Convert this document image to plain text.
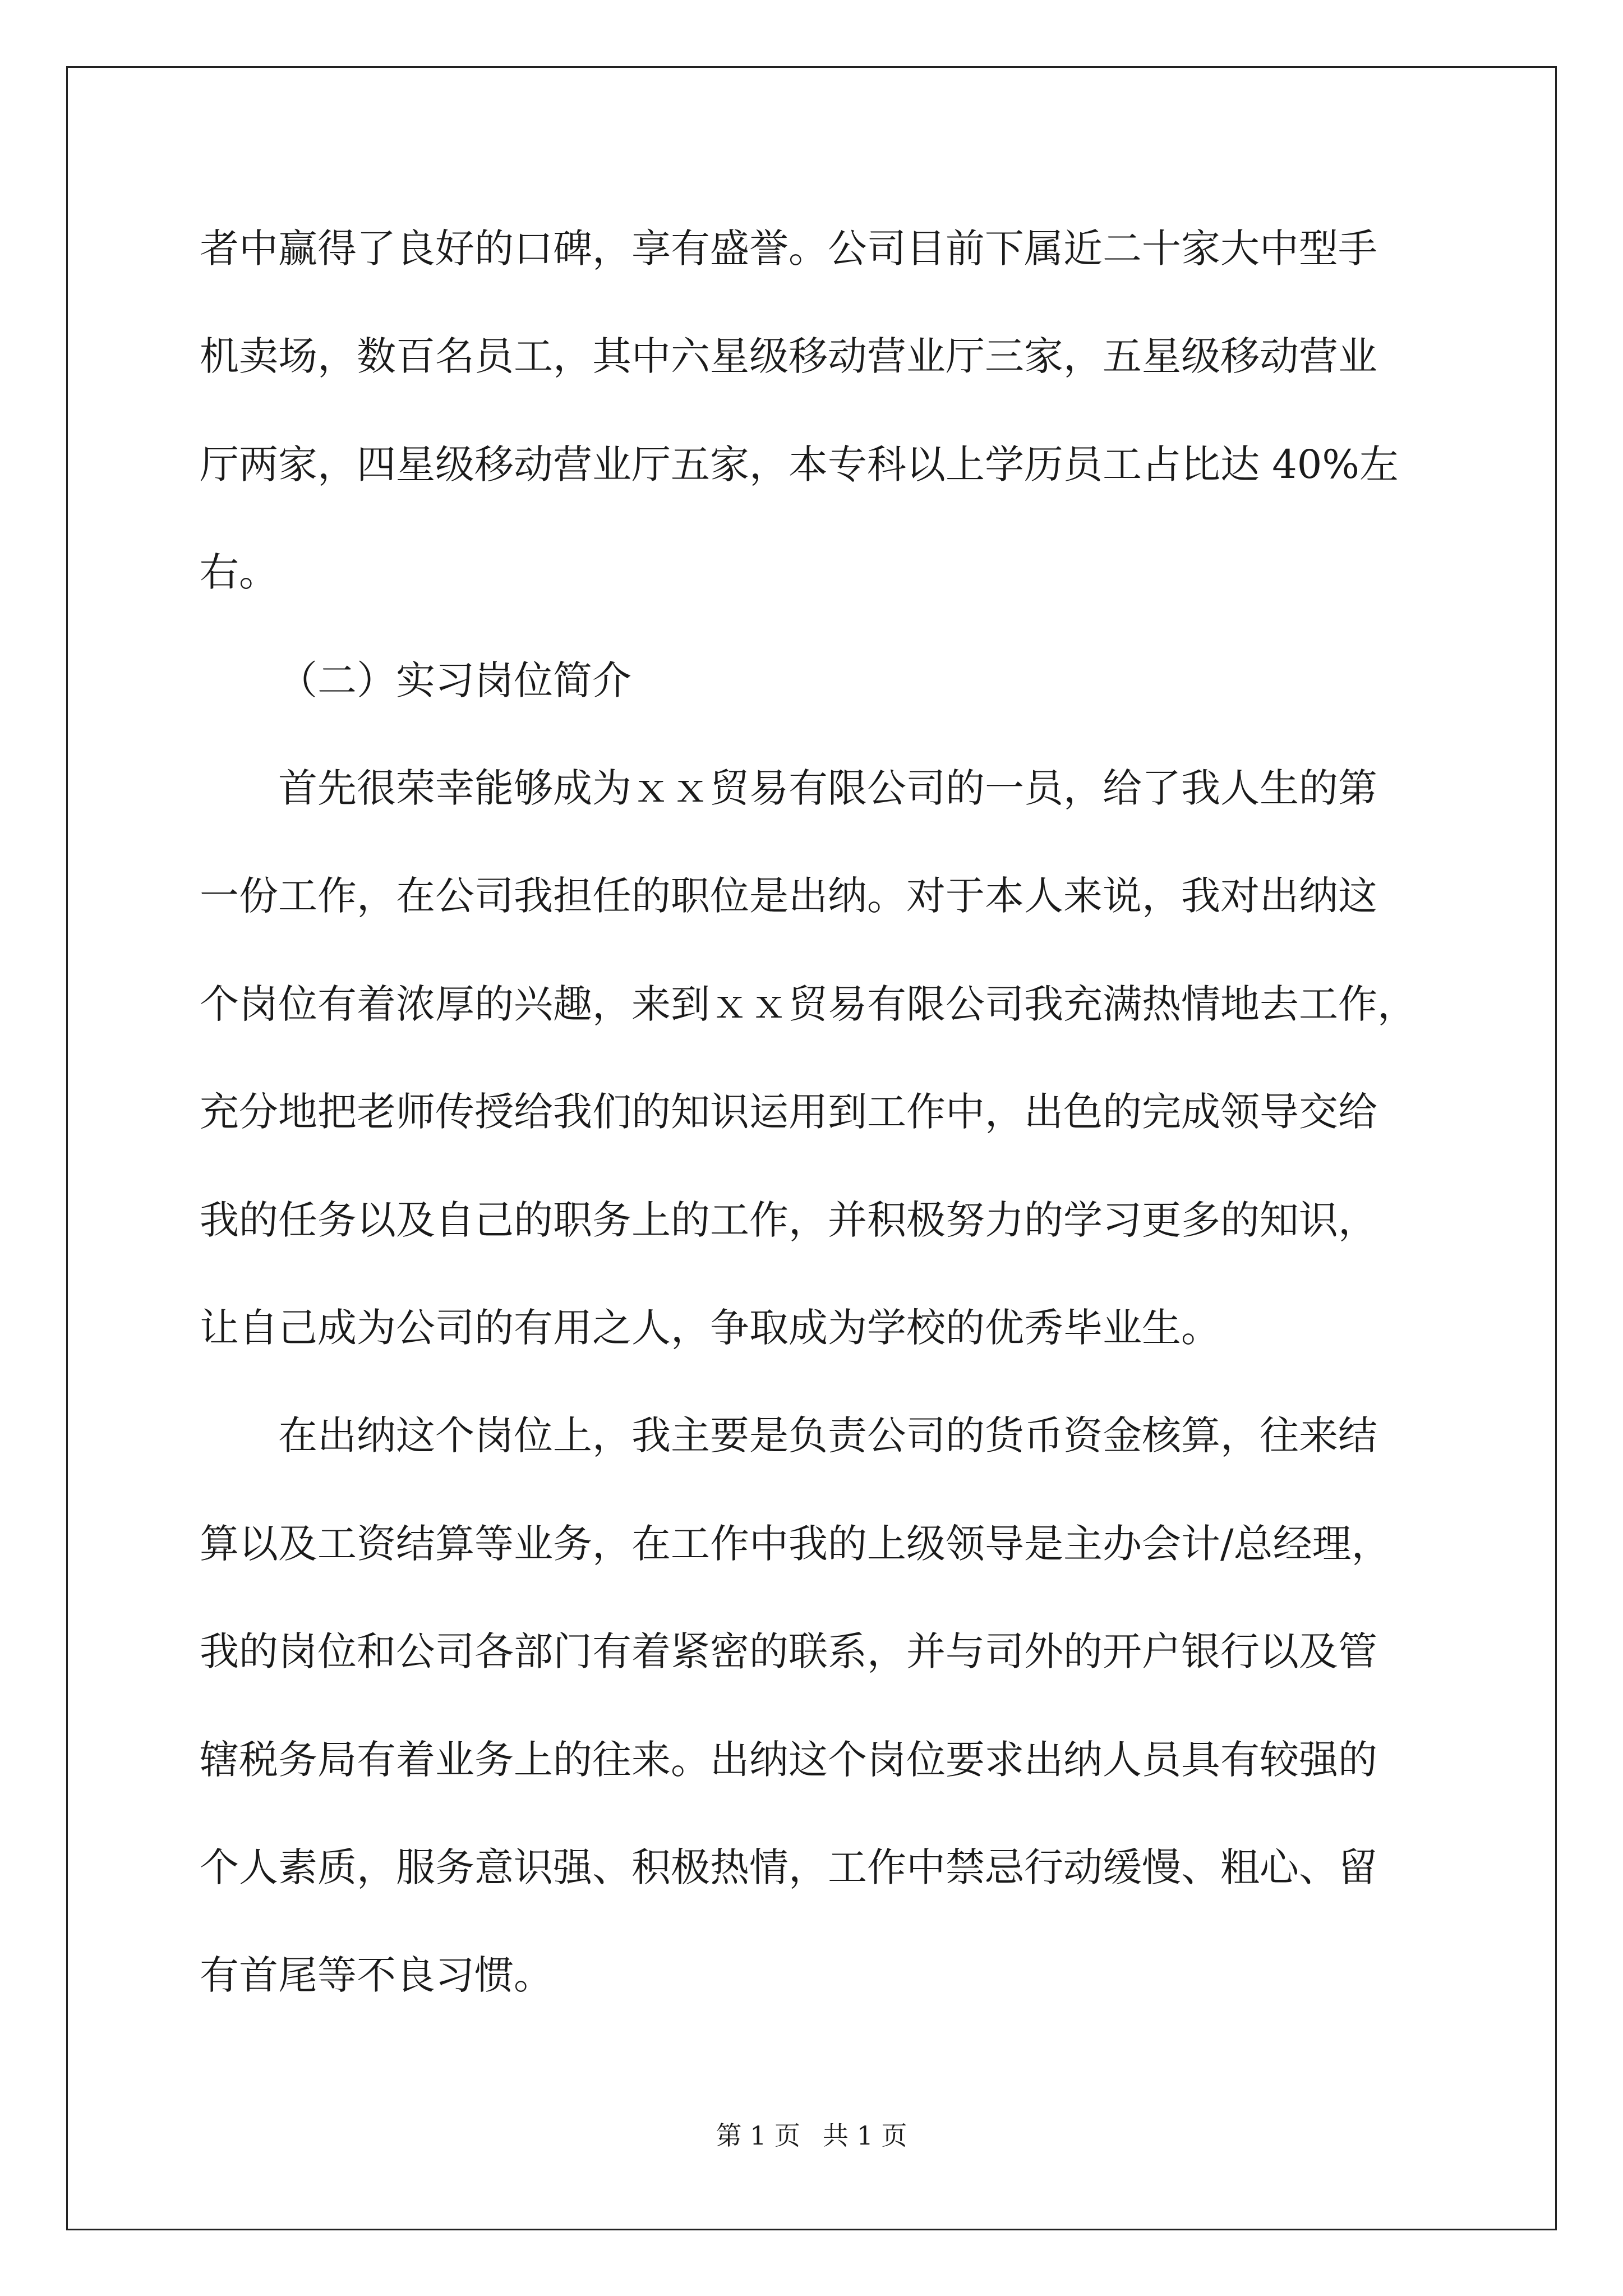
者中赢得了良好的口碑，享有盛誉。公司目前下属近二十家大中型手
机卖场，数百名员工，其中六星级移动营业厅三家，五星级移动营业
厅两家，四星级移动营业厅五家，本专科以上学历员工占比达 40%左
右。
（二）实习岗位简介
首先很荣幸能够成为ｘｘ贸易有限公司的一员，给了我人生的第
一份工作，在公司我担任的职位是出纳。对于本人来说，我对出纳这
个岗位有着浓厚的兴趣，来到ｘｘ贸易有限公司我充满热情地去工作，
充分地把老师传授给我们的知识运用到工作中，出色的完成领导交给
我的任务以及自己的职务上的工作，并积极努力的学习更多的知识，
让自己成为公司的有用之人，争取成为学校的优秀毕业生。
在出纳这个岗位上，我主要是负责公司的货币资金核算，往来结
算以及工资结算等业务，在工作中我的上级领导是主办会计/总经理，
我的岗位和公司各部门有着紧密的联系，并与司外的开户银行以及管
辖税务局有着业务上的往来。出纳这个岗位要求出纳人员具有较强的
个人素质，服务意识强、积极热情，工作中禁忌行动缓慢、粗心、留
有首尾等不良习惯。
第 1 页 共 1 页
